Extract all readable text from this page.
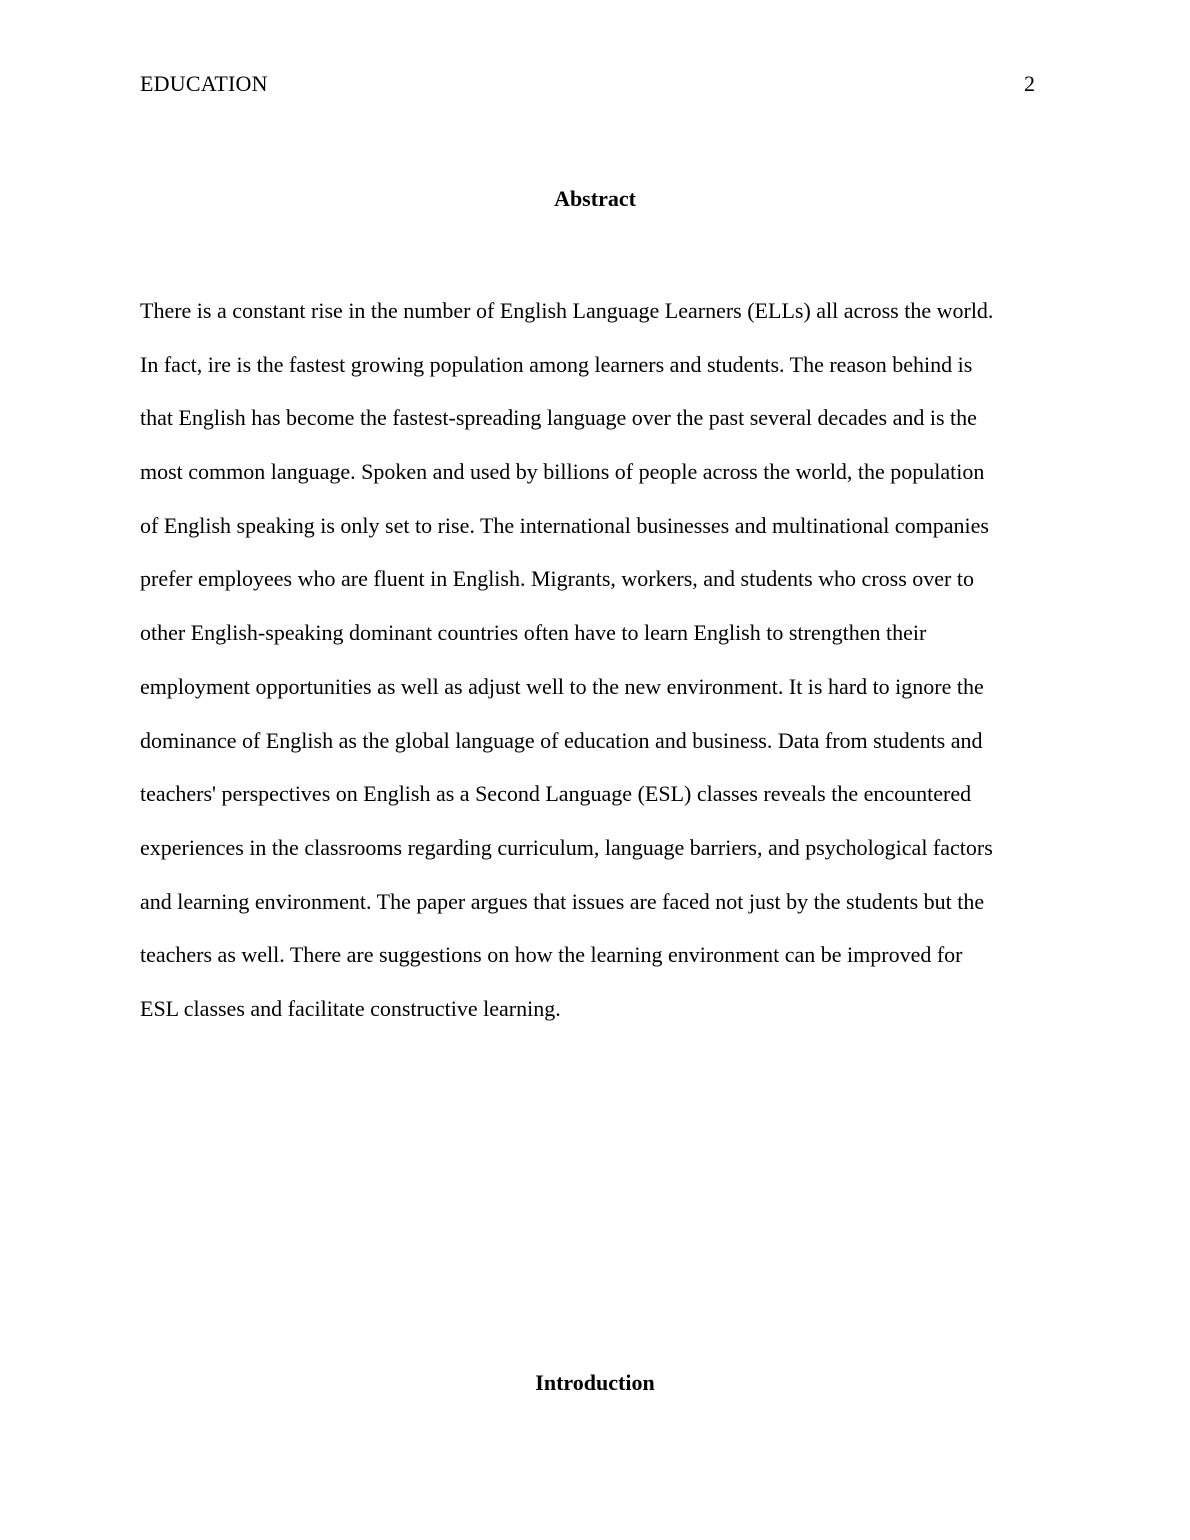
EDUCATION	2
Abstract
There is a constant rise in the number of English Language Learners (ELLs) all across the world.
In fact, ire is the fastest growing population among learners and students. The reason behind is
that English has become the fastest-spreading language over the past several decades and is the
most common language. Spoken and used by billions of people across the world, the population
of English speaking is only set to rise. The international businesses and multinational companies
prefer employees who are fluent in English. Migrants, workers, and students who cross over to
other English-speaking dominant countries often have to learn English to strengthen their
employment opportunities as well as adjust well to the new environment. It is hard to ignore the
dominance of English as the global language of education and business. Data from students and
teachers' perspectives on English as a Second Language (ESL) classes reveals the encountered
experiences in the classrooms regarding curriculum, language barriers, and psychological factors
and learning environment. The paper argues that issues are faced not just by the students but the
teachers as well. There are suggestions on how the learning environment can be improved for
ESL classes and facilitate constructive learning.
Introduction
